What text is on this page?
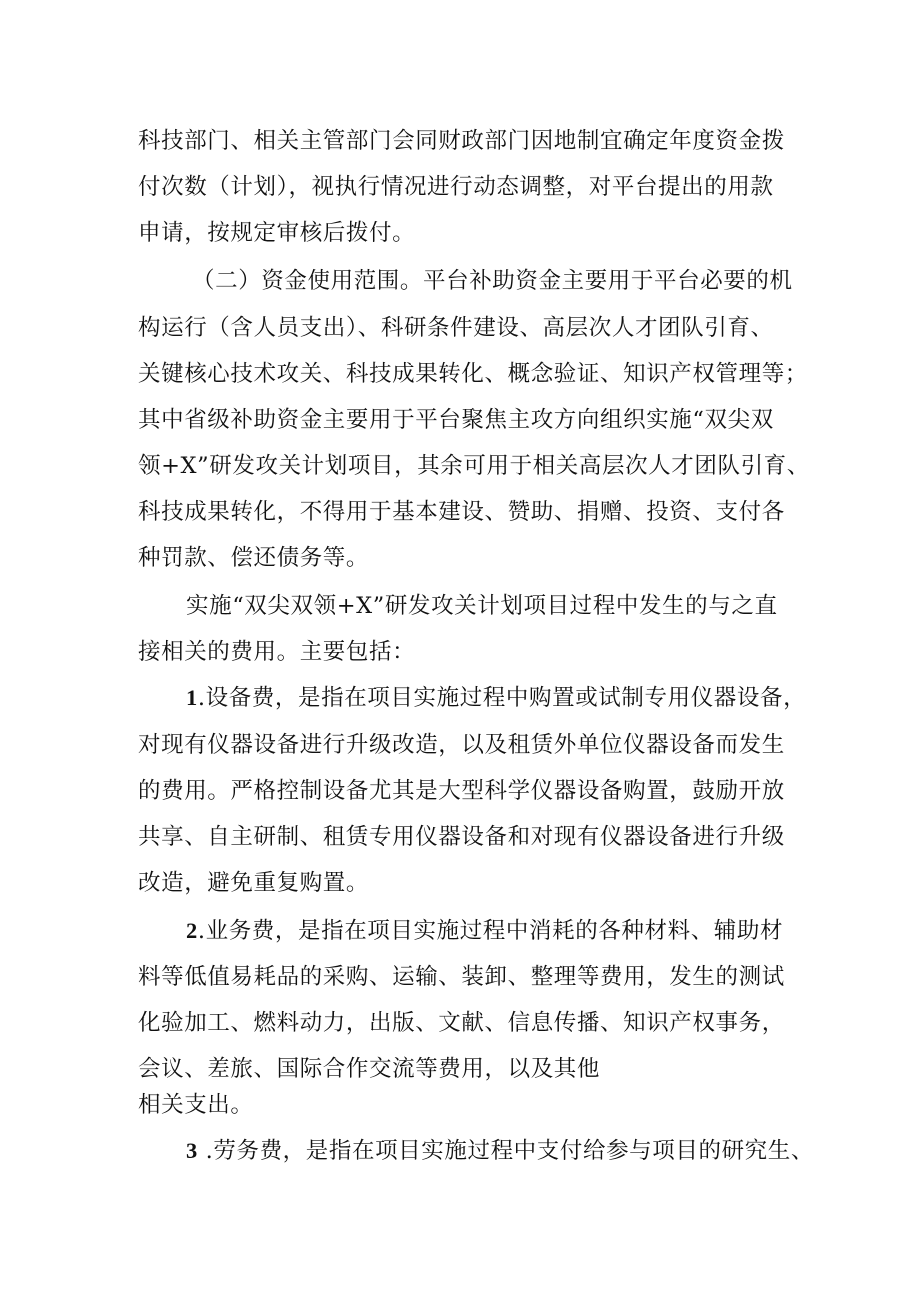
科技部门、相关主管部门会同财政部门因地制宜确定年度资金拨
付次数（计划），视执行情况进行动态调整，对平台提出的用款
申请，按规定审核后拨付。
（二）资金使用范围。平台补助资金主要用于平台必要的机
构运行（含人员支出）、科研条件建设、高层次人才团队引育、
关键核心技术攻关、科技成果转化、概念验证、知识产权管理等；
其中省级补助资金主要用于平台聚焦主攻方向组织实施“双尖双
领+X”研发攻关计划项目，其余可用于相关高层次人才团队引育、
科技成果转化，不得用于基本建设、赞助、捐赠、投资、支付各
种罚款、偿还债务等。
实施“双尖双领+X”研发攻关计划项目过程中发生的与之直
接相关的费用。主要包括：
1.设备费，是指在项目实施过程中购置或试制专用仪器设备，
对现有仪器设备进行升级改造，以及租赁外单位仪器设备而发生
的费用。严格控制设备尤其是大型科学仪器设备购置，鼓励开放
共享、自主研制、租赁专用仪器设备和对现有仪器设备进行升级
改造，避免重复购置。
2.业务费，是指在项目实施过程中消耗的各种材料、辅助材
料等低值易耗品的采购、运输、装卸、整理等费用，发生的测试
化验加工、燃料动力，出版、文献、信息传播、知识产权事务，
会议、差旅、国际合作交流等费用，以及其他
相关支出。
3 .劳务费，是指在项目实施过程中支付给参与项目的研究生、
